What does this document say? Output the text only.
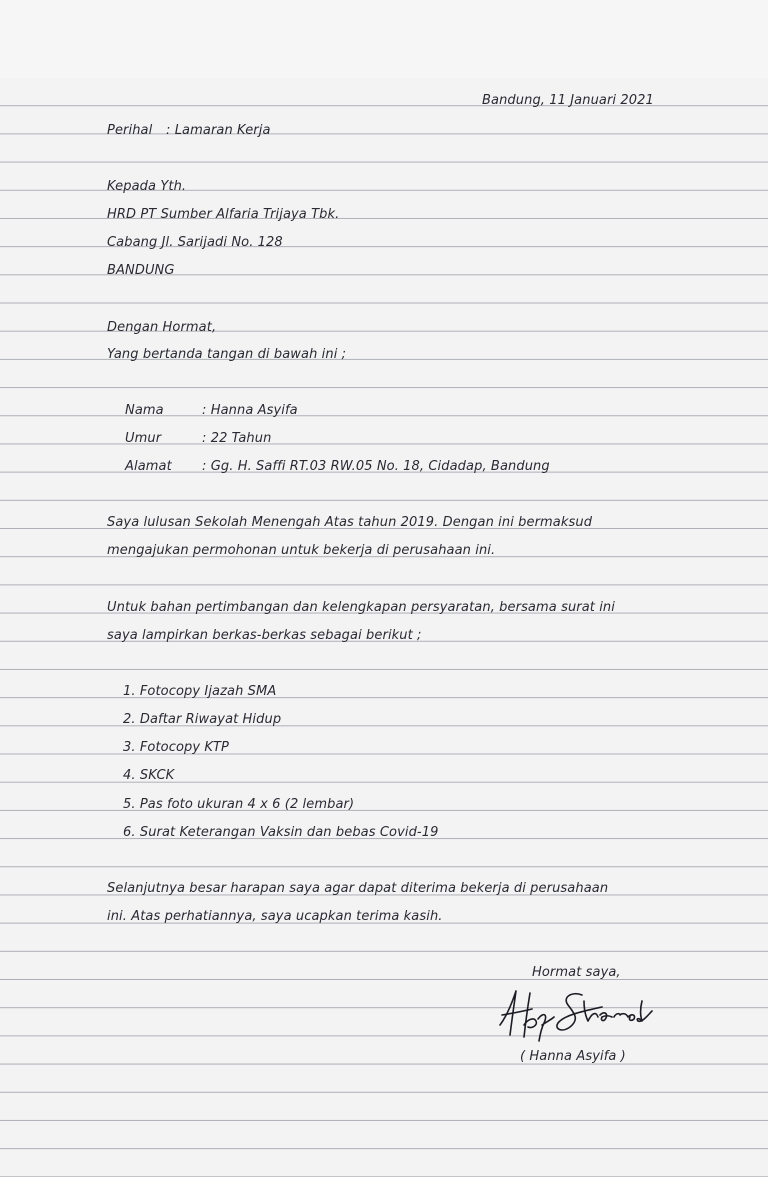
Bandung, 11 Januari 2021
Perihal : Lamaran Kerja
Kepada Yth.
HRD PT Sumber Alfaria Trijaya Tbk.
Cabang Jl. Sarijadi No. 128
BANDUNG
Dengan Hormat,
Yang bertanda tangan di bawah ini ;
Nama	: Hanna Asyifa
Umur	: 22 Tahun
Alamat	: Gg. H. Saffi RT.03 RW.05 No. 18, Cidadap, Bandung
Saya lulusan Sekolah Menengah Atas tahun 2019. Dengan ini bermaksud
mengajukan permohonan untuk bekerja di perusahaan ini.
Untuk bahan pertimbangan dan kelengkapan persyaratan, bersama surat ini
saya lampirkan berkas-berkas sebagai berikut ;
1. Fotocopy Ijazah SMA
2. Daftar Riwayat Hidup
3. Fotocopy KTP
4. SKCK
5. Pas foto ukuran 4 x 6 (2 lembar)
6. Surat Keterangan Vaksin dan bebas Covid-19
Selanjutnya besar harapan saya agar dapat diterima bekerja di perusahaan
ini. Atas perhatiannya, saya ucapkan terima kasih.
Hormat saya,
( Hanna Asyifa )
